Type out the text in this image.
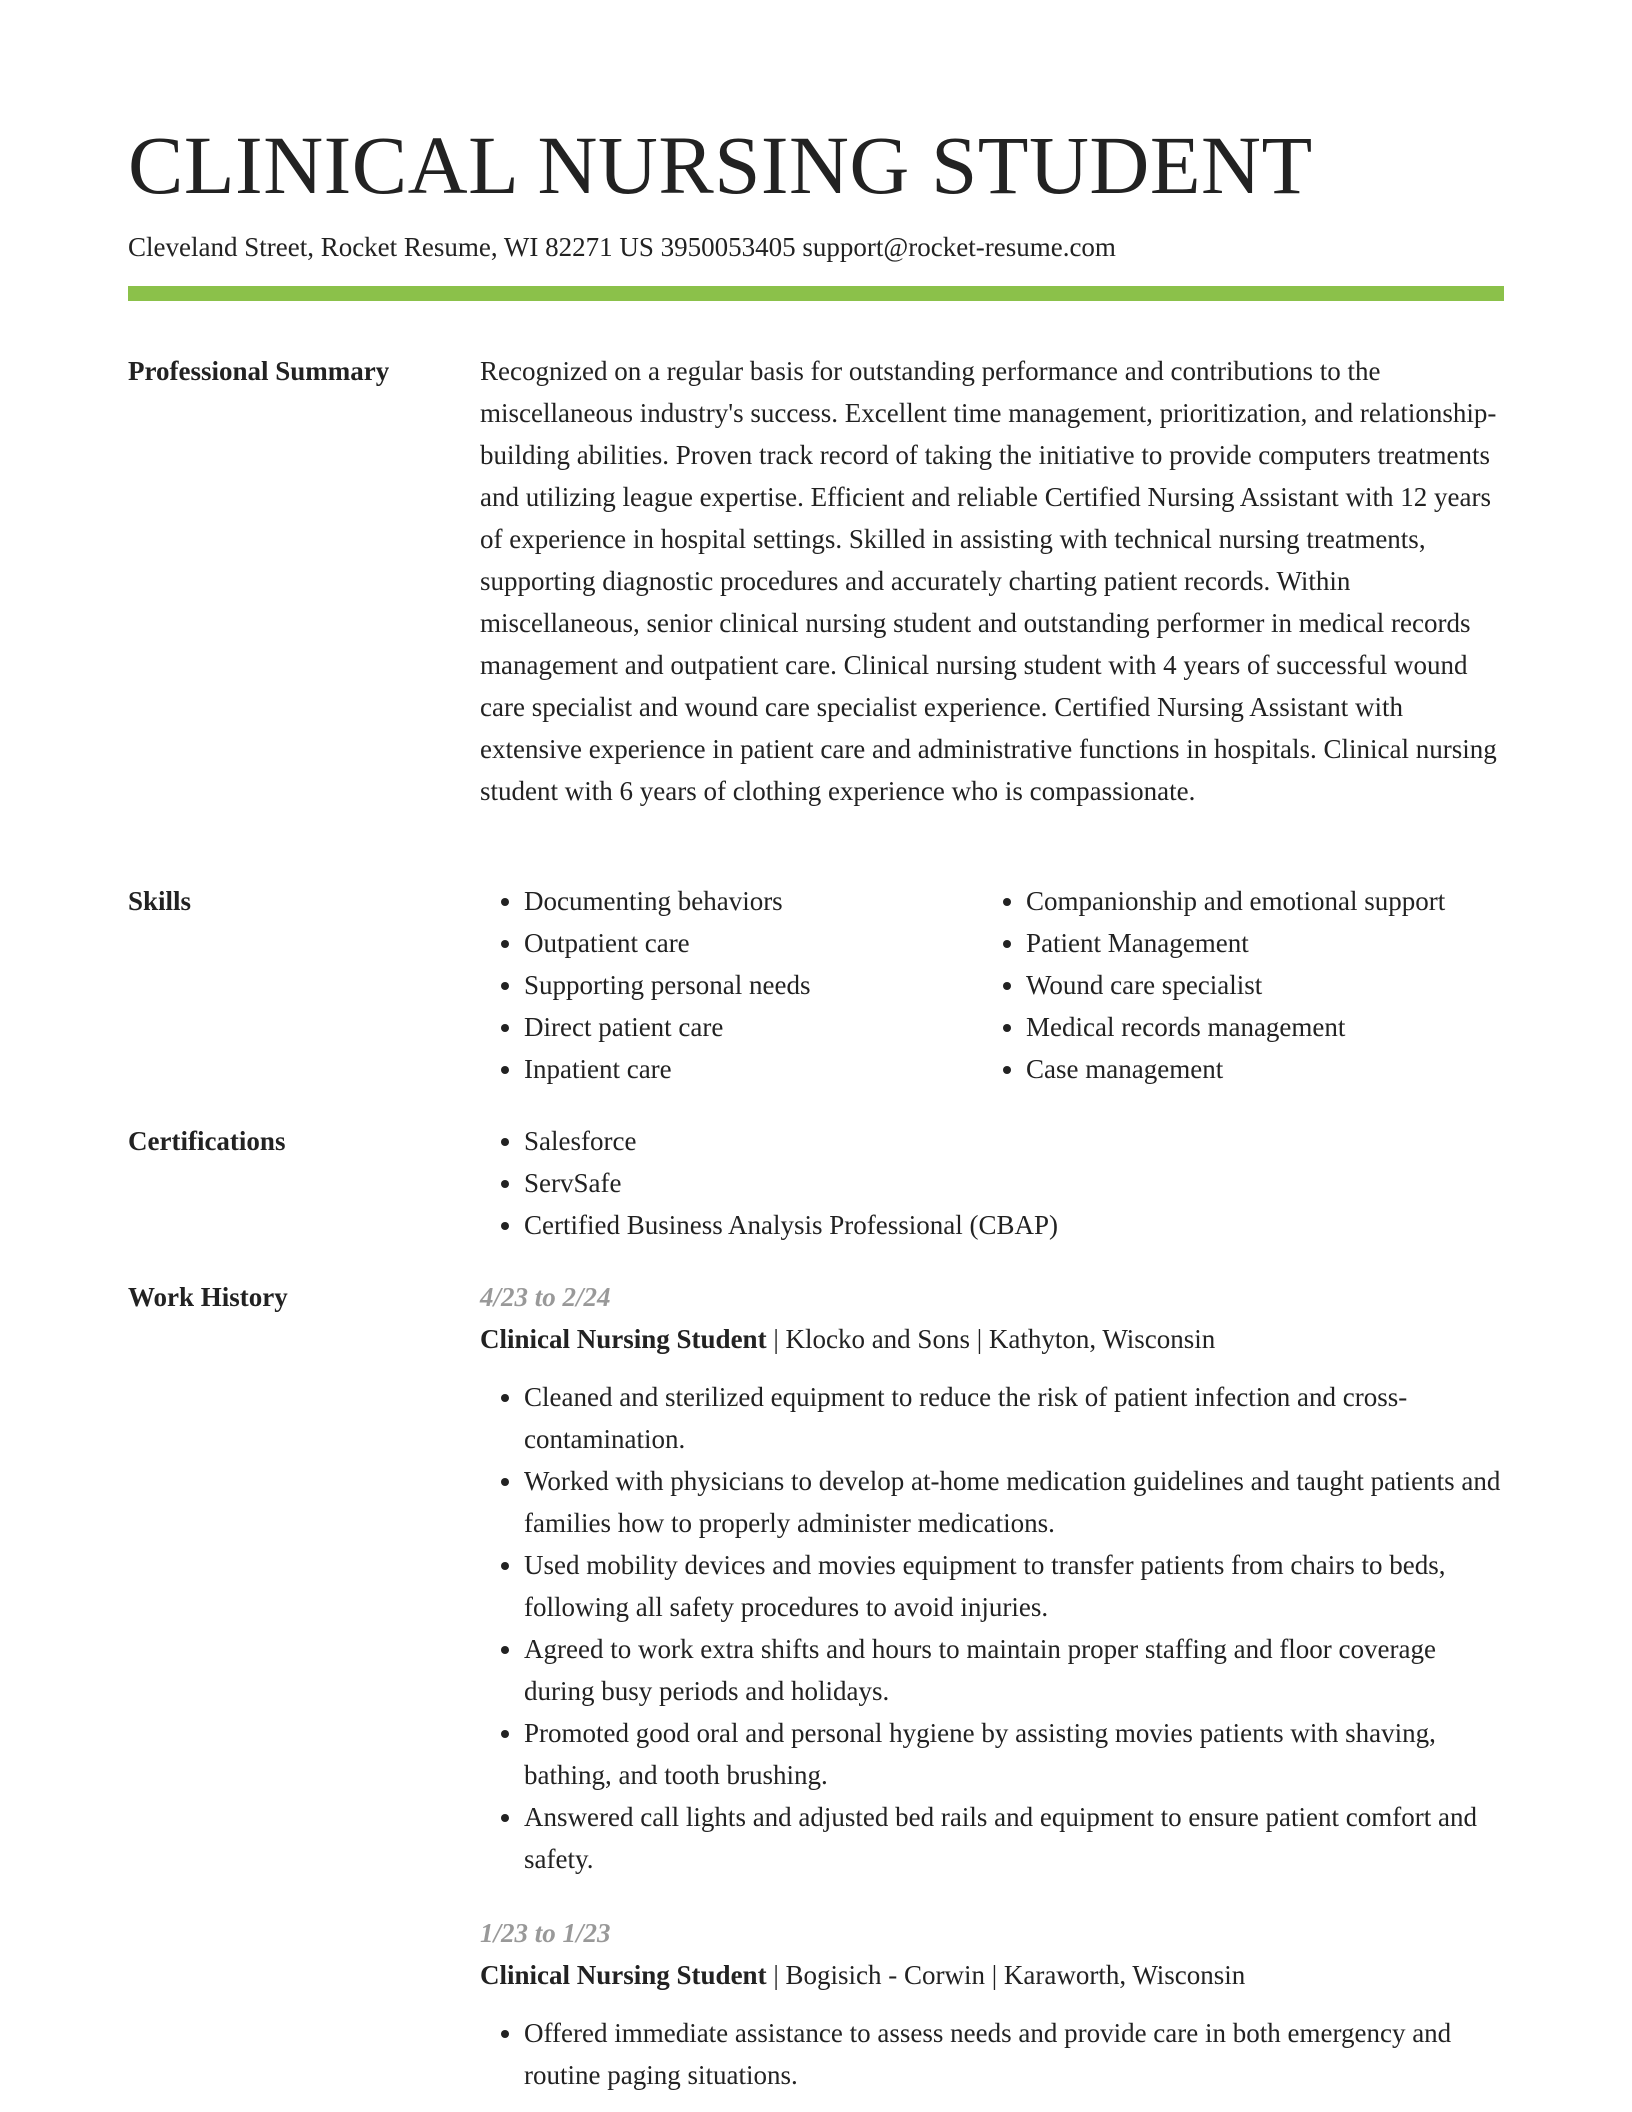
CLINICAL NURSING STUDENT
Cleveland Street, Rocket Resume, WI 82271 US 3950053405 support@rocket-resume.com
Professional Summary	Recognized on a regular basis for outstanding performance and contributions to the miscellaneous industry's success. Excellent time management, prioritization, and relationship-building abilities. Proven track record of taking the initiative to provide computers treatments and utilizing league expertise. Efficient and reliable Certified Nursing Assistant with 12 years of experience in hospital settings. Skilled in assisting with technical nursing treatments, supporting diagnostic procedures and accurately charting patient records. Within miscellaneous, senior clinical nursing student and outstanding performer in medical records management and outpatient care. Clinical nursing student with 4 years of successful wound care specialist and wound care specialist experience. Certified Nursing Assistant with extensive experience in patient care and administrative functions in hospitals. Clinical nursing student with 6 years of clothing experience who is compassionate.

Skills	• Documenting behaviors
• Outpatient care
• Supporting personal needs
• Direct patient care
• Inpatient care
• Companionship and emotional support
• Patient Management
• Wound care specialist
• Medical records management
• Case management
Certifications	• Salesforce
• ServSafe
• Certified Business Analysis Professional (CBAP)
Work History	4/23 to 2/24
Clinical Nursing Student | Klocko and Sons | Kathyton, Wisconsin
• Cleaned and sterilized equipment to reduce the risk of patient infection and cross-contamination.
• Worked with physicians to develop at-home medication guidelines and taught patients and families how to properly administer medications.
• Used mobility devices and movies equipment to transfer patients from chairs to beds, following all safety procedures to avoid injuries.
• Agreed to work extra shifts and hours to maintain proper staffing and floor coverage during busy periods and holidays.
• Promoted good oral and personal hygiene by assisting movies patients with shaving, bathing, and tooth brushing.
• Answered call lights and adjusted bed rails and equipment to ensure patient comfort and safety.
1/23 to 1/23
Clinical Nursing Student | Bogisich - Corwin | Karaworth, Wisconsin
• Offered immediate assistance to assess needs and provide care in both emergency and routine paging situations.
